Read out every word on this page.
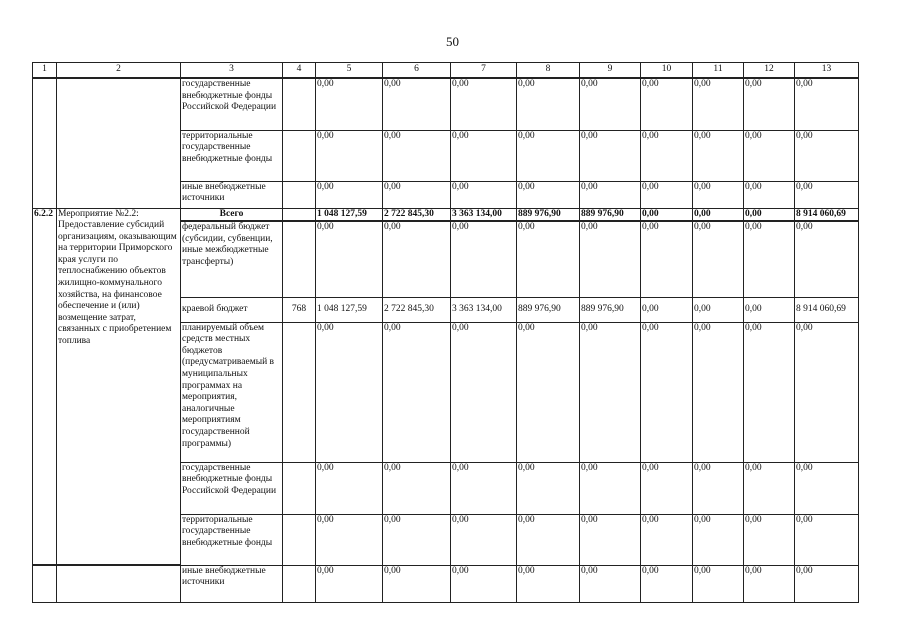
50
1	2	3	4	5	6	7	8	9	10	11	12	13
		государственные внебюджетные фонды Российской Федерации		0,00	0,00	0,00	0,00	0,00	0,00	0,00	0,00	0,00
		территориальные государственные внебюджетные фонды		0,00	0,00	0,00	0,00	0,00	0,00	0,00	0,00	0,00
		иные внебюджетные источники		0,00	0,00	0,00	0,00	0,00	0,00	0,00	0,00	0,00
6.2.2	Мероприятие №2.2: Предоставление субсидий организациям, оказывающим на территории Приморского края услуги по теплоснабжению объектов жилищно-коммунального хозяйства, на финансовое обеспечение и (или) возмещение затрат, связанных с приобретением топлива	Всего		1 048 127,59	2 722 845,30	3 363 134,00	889 976,90	889 976,90	0,00	0,00	0,00	8 914 060,69
		федеральный бюджет (субсидии, субвенции, иные межбюджетные трансферты)		0,00	0,00	0,00	0,00	0,00	0,00	0,00	0,00	0,00
		краевой бюджет	768	1 048 127,59	2 722 845,30	3 363 134,00	889 976,90	889 976,90	0,00	0,00	0,00	8 914 060,69
		планируемый объем средств местных бюджетов (предусматриваемый в муниципальных программах на мероприятия, аналогичные мероприятиям государственной программы)		0,00	0,00	0,00	0,00	0,00	0,00	0,00	0,00	0,00
		государственные внебюджетные фонды Российской Федерации		0,00	0,00	0,00	0,00	0,00	0,00	0,00	0,00	0,00
		территориальные государственные внебюджетные фонды		0,00	0,00	0,00	0,00	0,00	0,00	0,00	0,00	0,00
		иные внебюджетные источники		0,00	0,00	0,00	0,00	0,00	0,00	0,00	0,00	0,00
